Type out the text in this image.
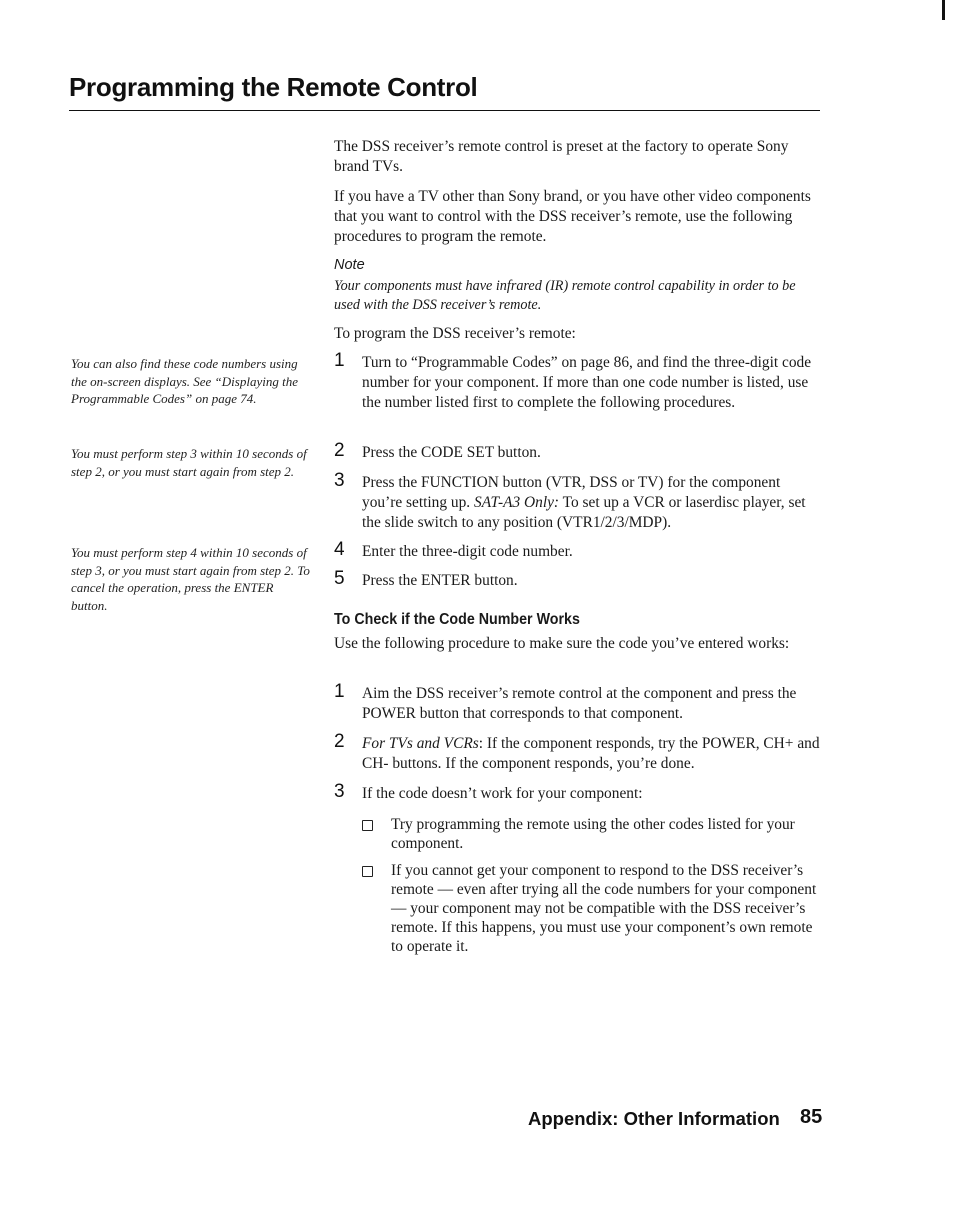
Programming the Remote Control

You can also find these code numbers using the on-screen displays. See “Displaying the Programmable Codes” on page 74.

You must perform step 3 within 10 seconds of step 2, or you must start again from step 2.

You must perform step 4 within 10 seconds of step 3, or you must start again from step 2. To cancel the operation, press the ENTER button.

The DSS receiver’s remote control is preset at the factory to operate Sony brand TVs.

If you have a TV other than Sony brand, or you have other video components that you want to control with the DSS receiver’s remote, use the following procedures to program the remote.

Note

Your components must have infrared (IR) remote control capability in order to be used with the DSS receiver’s remote.

To program the DSS receiver’s remote:

1 Turn to “Programmable Codes” on page 86, and find the three-digit code number for your component. If more than one code number is listed, use the number listed first to complete the following procedures.
2 Press the CODE SET button.
3 Press the FUNCTION button (VTR, DSS or TV) for the component you’re setting up. SAT-A3 Only: To set up a VCR or laserdisc player, set the slide switch to any position (VTR1/2/3/MDP).
4 Enter the three-digit code number.
5 Press the ENTER button.
To Check if the Code Number Works

Use the following procedure to make sure the code you’ve entered works:

1 Aim the DSS receiver’s remote control at the component and press the POWER button that corresponds to that component.
2 For TVs and VCRs: If the component responds, try the POWER, CH+ and CH- buttons. If the component responds, you’re done.
3 If the code doesn’t work for your component:
Try programming the remote using the other codes listed for your component.
If you cannot get your component to respond to the DSS receiver’s remote — even after trying all the code numbers for your component — your component may not be compatible with the DSS receiver’s remote. If this happens, you must use your component’s own remote to operate it.

Appendix: Other Information 85
